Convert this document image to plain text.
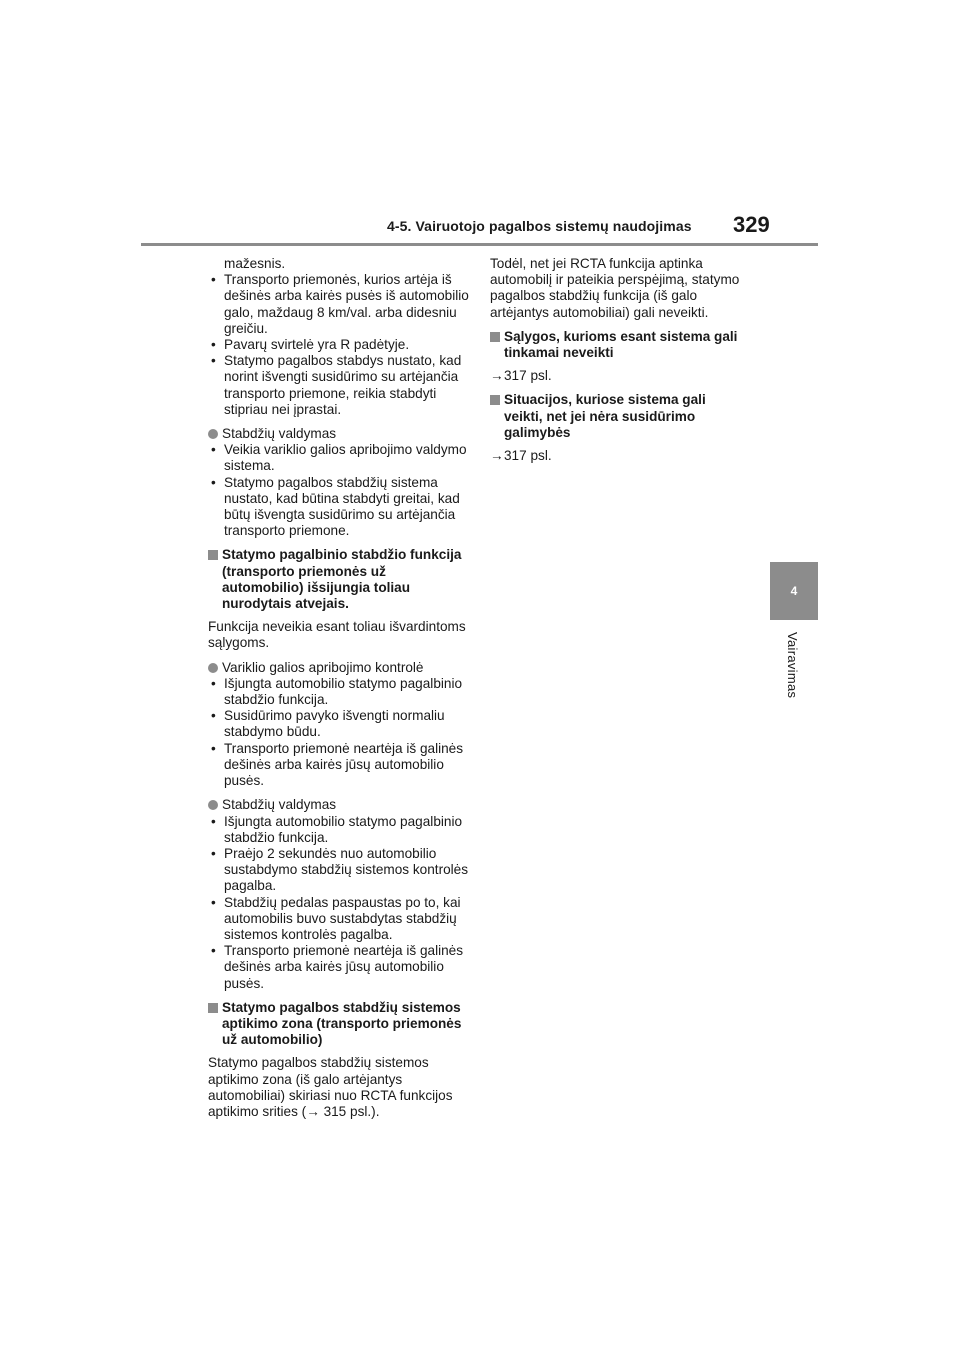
4-5. Vairuotojo pagalbos sistemų naudojimas 329
4
Vairavimas
mažesnis.
• Transporto priemonės, kurios artėja iš dešinės arba kairės pusės iš automobilio galo, maždaug 8 km/val. arba didesniu greičiu.
• Pavarų svirtelė yra R padėtyje.
• Statymo pagalbos stabdys nustato, kad norint išvengti susidūrimo su artėjančia transporto priemone, reikia stabdyti stipriau nei įprastai.
Stabdžių valdymas
• Veikia variklio galios apribojimo valdymo sistema.
• Statymo pagalbos stabdžių sistema nustato, kad būtina stabdyti greitai, kad būtų išvengta susidūrimo su artėjančia transporto priemone.
Statymo pagalbinio stabdžio funkcija (transporto priemonės už automobilio) išsijungia toliau nurodytais atvejais.

Funkcija neveikia esant toliau išvardintoms sąlygoms.

Variklio galios apribojimo kontrolė
• Išjungta automobilio statymo pagalbinio stabdžio funkcija.
• Susidūrimo pavyko išvengti normaliu stabdymo būdu.
• Transporto priemonė neartėja iš galinės dešinės arba kairės jūsų automobilio pusės.
Stabdžių valdymas
• Išjungta automobilio statymo pagalbinio stabdžio funkcija.
• Praėjo 2 sekundės nuo automobilio sustabdymo stabdžių sistemos kontrolės pagalba.
• Stabdžių pedalas paspaustas po to, kai automobilis buvo sustabdytas stabdžių sistemos kontrolės pagalba.
• Transporto priemonė neartėja iš galinės dešinės arba kairės jūsų automobilio pusės.
Statymo pagalbos stabdžių sistemos aptikimo zona (transporto priemonės už automobilio)

Statymo pagalbos stabdžių sistemos aptikimo zona (iš galo artėjantys automobiliai) skiriasi nuo RCTA funkcijos aptikimo srities (→ 315 psl.).

Todėl, net jei RCTA funkcija aptinka automobilį ir pateikia perspėjimą, statymo pagalbos stabdžių funkcija (iš galo artėjantys automobiliai) gali neveikti.

Sąlygos, kurioms esant sistema gali tinkamai neveikti

→317 psl.

Situacijos, kuriose sistema gali veikti, net jei nėra susidūrimo galimybės

→317 psl.
